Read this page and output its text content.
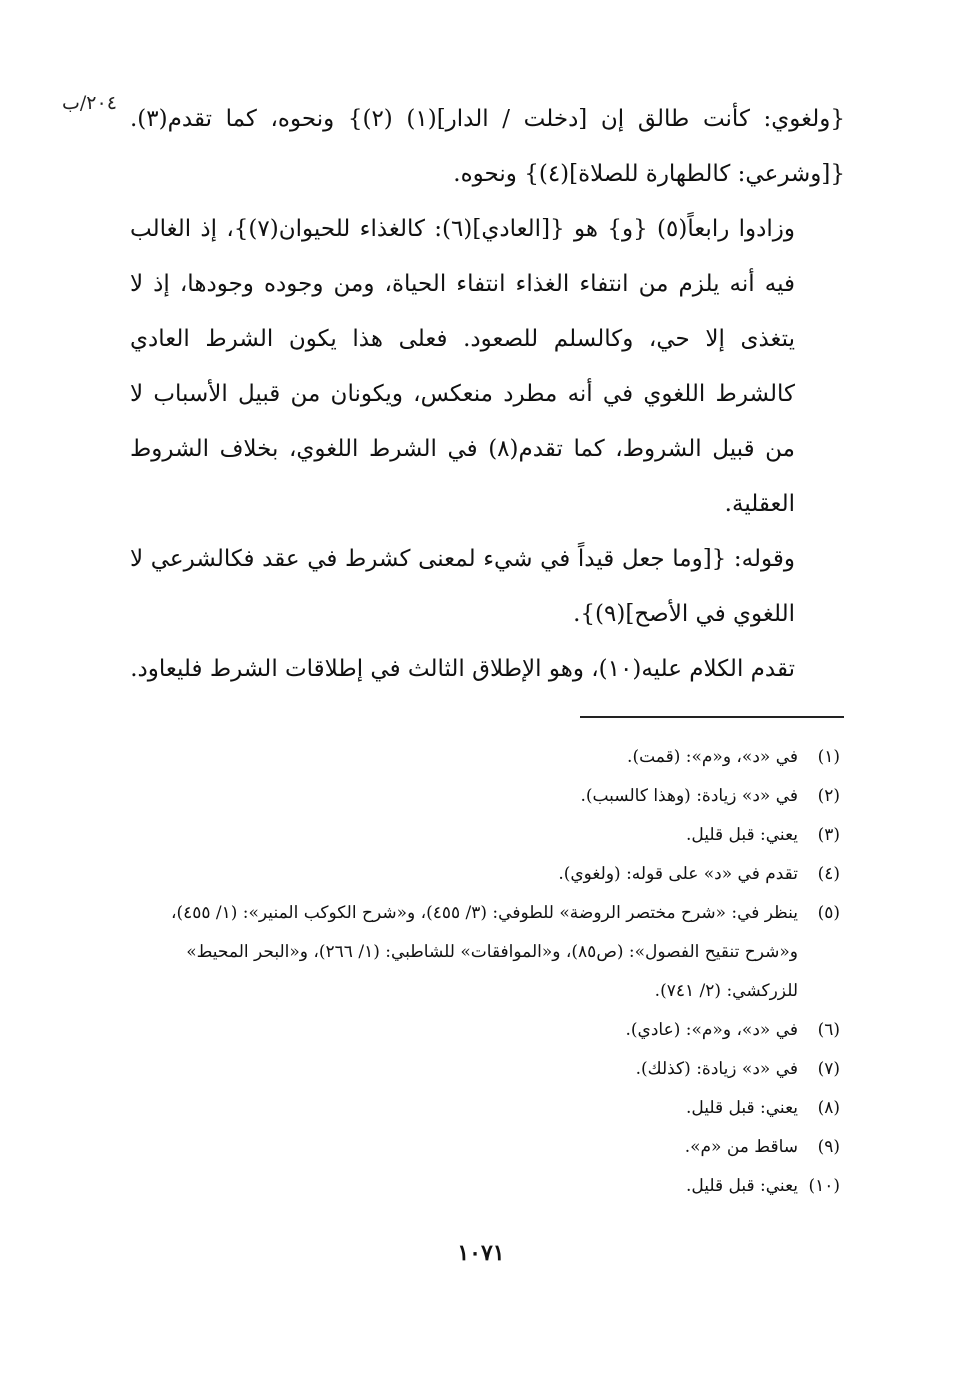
٢٠٤/ب

{ولغوي: كأنت طالق إن [دخلت / الدار](١) (٢)} ونحوه، كما تقدم(٣). {[وشرعي: كالطهارة للصلاة](٤)} ونحوه.

وزادوا رابعاً(٥) {و} هو {[العادي](٦): كالغذاء للحيوان(٧)}، إذ الغالب فيه أنه يلزم من انتفاء الغذاء انتفاء الحياة، ومن وجوده وجودها، إذ لا يتغذى إلا حي، وكالسلم للصعود. فعلى هذا يكون الشرط العادي كالشرط اللغوي في أنه مطرد منعكس، ويكونان من قبيل الأسباب لا من قبيل الشروط، كما تقدم(٨) في الشرط اللغوي، بخلاف الشروط العقلية.

وقوله: {[وما جعل قيداً في شيء لمعنى كشرط في عقد فكالشرعي لا اللغوي في الأصح](٩)}.

تقدم الكلام عليه(١٠)، وهو الإطلاق الثالث في إطلاقات الشرط فليعاود.

(١)
في «د»، و«م»: (قمت).
(٢)
في «د» زيادة: (وهذا كالسبب).
(٣)
يعني: قبل قليل.
(٤)
تقدم في «د» على قوله: (ولغوي).
(٥)
ينظر في: «شرح مختصر الروضة» للطوفي: (٣/ ٤٥٥)، و«شرح الكوكب المنير»: (١/ ٤٥٥)، و«شرح تنقيح الفصول»: (ص٨٥)، و«الموافقات» للشاطبي: (١/ ٢٦٦)، و«البحر المحيط» للزركشي: (٢/ ٧٤١).
(٦)
في «د»، و«م»: (عادي).
(٧)
في «د» زيادة: (كذلك).
(٨)
يعني: قبل قليل.
(٩)
ساقط من «م».
(١٠)
يعني: قبل قليل.
١٠٧١
